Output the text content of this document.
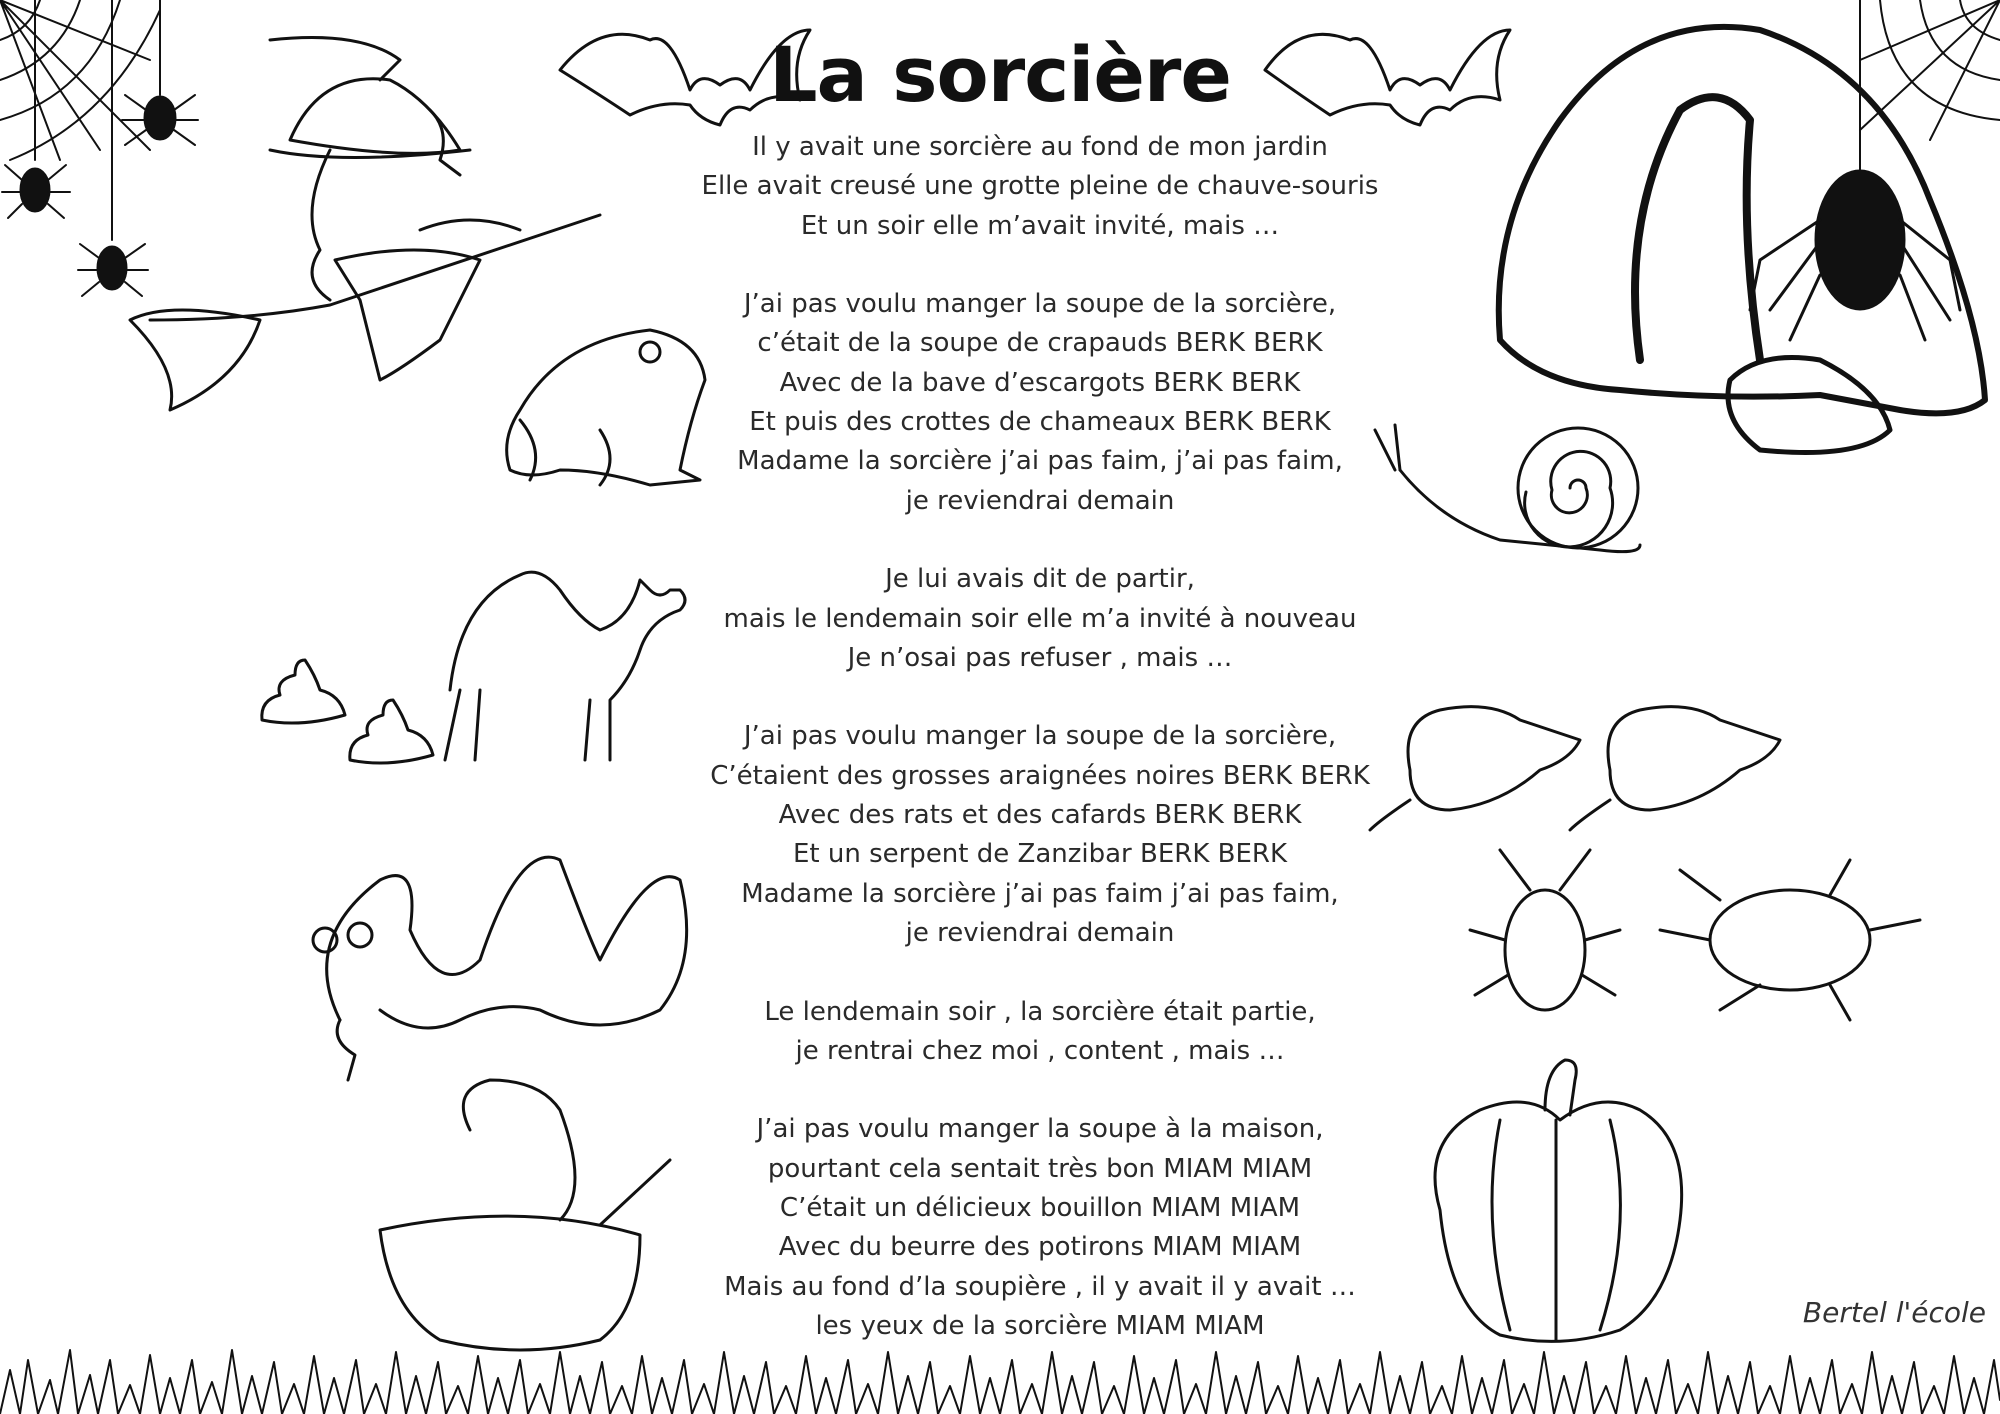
La sorcière
Il y avait une sorcière au fond de mon jardin
Elle avait creusé une grotte pleine de chauve-souris
Et un soir elle m’avait invité, mais …
J’ai pas voulu manger la soupe de la sorcière,
c’était de la soupe de crapauds BERK BERK
Avec de la bave d’escargots BERK BERK
Et puis des crottes de chameaux BERK BERK
Madame la sorcière j’ai pas faim, j’ai pas faim,
je reviendrai demain
Je lui avais dit de partir,
mais le lendemain soir elle m’a invité à nouveau
Je n’osai pas refuser , mais …
J’ai pas voulu manger la soupe de la sorcière,
C’étaient des grosses araignées noires BERK BERK
Avec des rats et des cafards BERK BERK
Et un serpent de Zanzibar BERK BERK
Madame la sorcière j’ai pas faim j’ai pas faim,
je reviendrai demain
Le lendemain soir , la sorcière était partie,
je rentrai chez moi , content , mais …
J’ai pas voulu manger la soupe à la maison,
pourtant cela sentait très bon MIAM MIAM
C’était un délicieux bouillon MIAM MIAM
Avec du beurre des potirons MIAM MIAM
Mais au fond d’la soupière , il y avait il y avait …
les yeux de la sorcière MIAM MIAM	Bertel l'école
